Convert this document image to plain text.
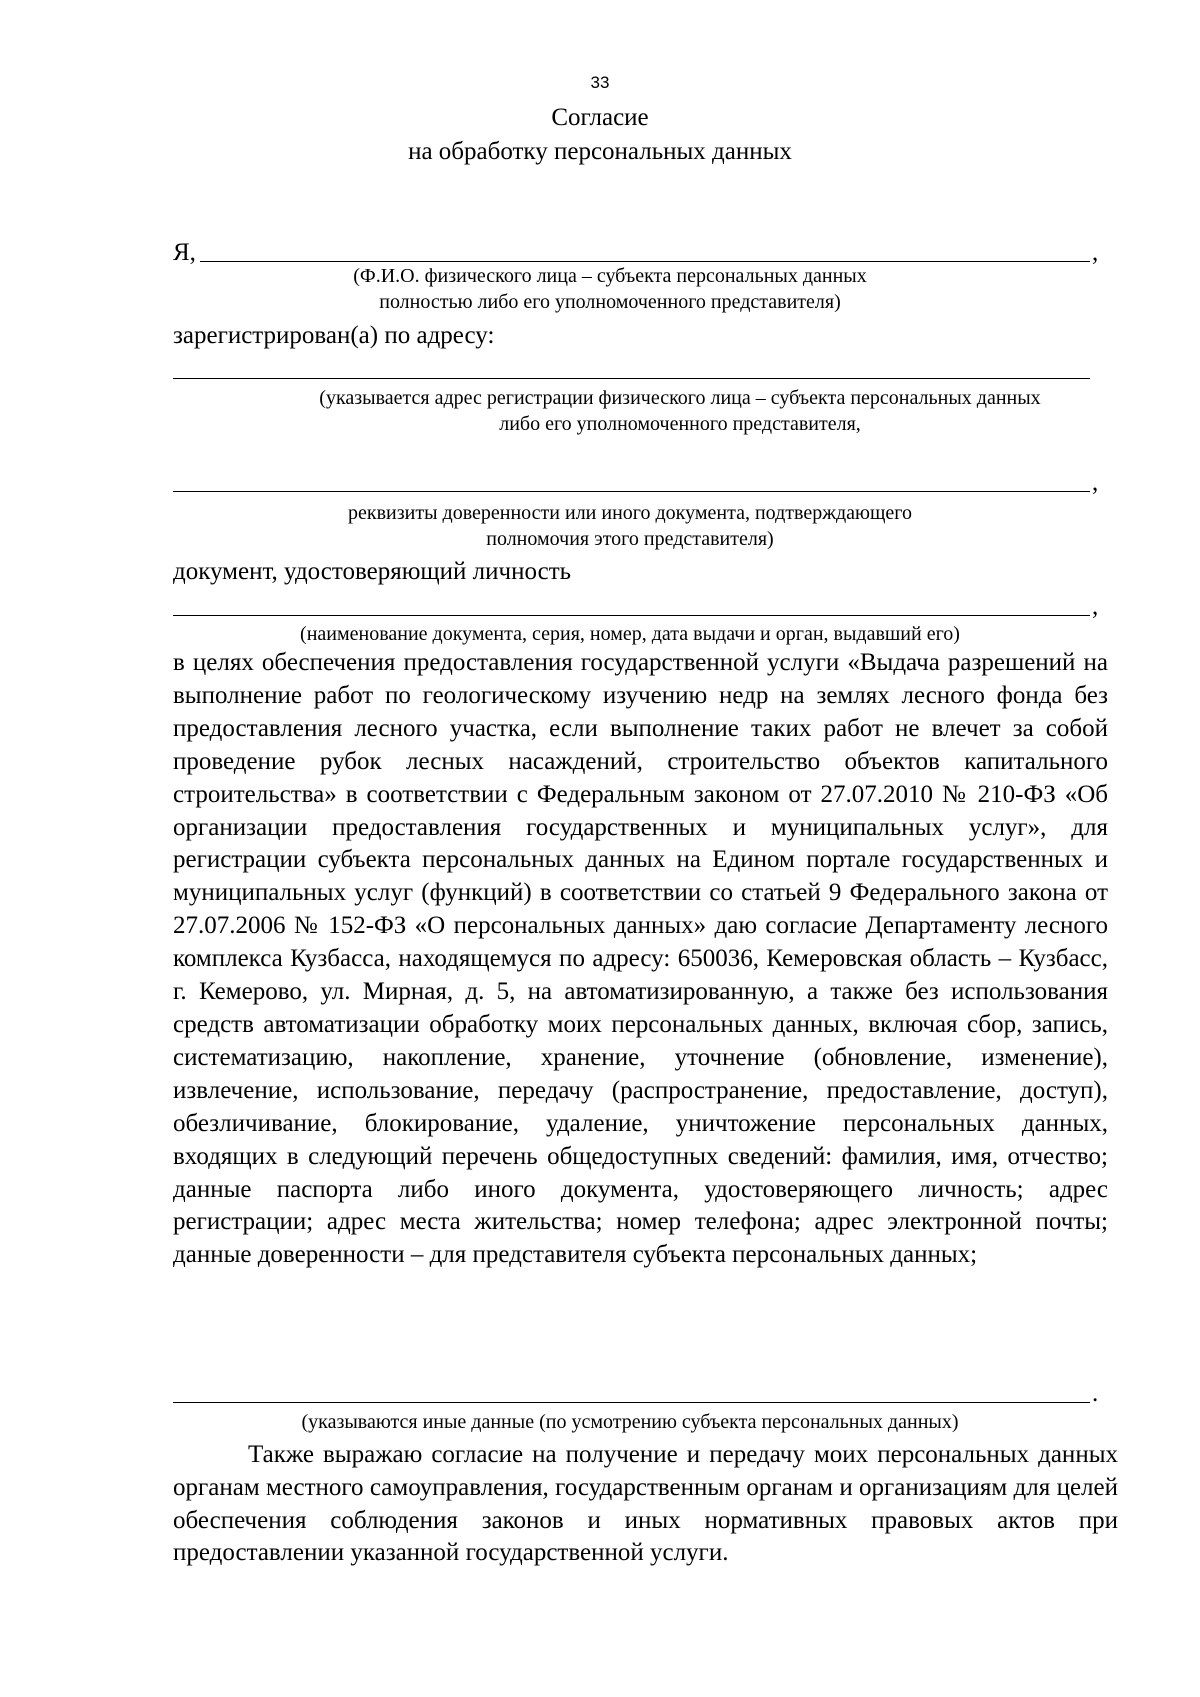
33
Согласие
на обработку персональных данных
Я,	,
(Ф.И.О. физического лица – субъекта персональных данных
полностью либо его уполномоченного представителя)
зарегистрирован(а) по адресу:
(указывается адрес регистрации физического лица – субъекта персональных данных
либо его уполномоченного представителя,
,
реквизиты доверенности или иного документа, подтверждающего
полномочия этого представителя)
документ, удостоверяющий личность
,
(наименование документа, серия, номер, дата выдачи и орган, выдавший его)
в целях обеспечения предоставления государственной услуги «Выдача разрешений на выполнение работ по геологическому изучению недр на землях лесного фонда без предоставления лесного участка, если выполнение таких работ не влечет за собой проведение рубок лесных насаждений, строительство объектов капитального строительства» в соответствии с Федеральным законом от 27.07.2010 № 210-ФЗ «Об организации предоставления государственных и муниципальных услуг», для регистрации субъекта персональных данных на Едином портале государственных и муниципальных услуг (функций) в соответствии со статьей 9 Федерального закона от 27.07.2006 № 152-ФЗ «О персональных данных» даю согласие Департаменту лесного комплекса Кузбасса, находящемуся по адресу: 650036, Кемеровская область – Кузбасс, г. Кемерово, ул. Мирная, д. 5, на автоматизированную, а также без использования средств автоматизации обработку моих персональных данных, включая сбор, запись, систематизацию, накопление, хранение, уточнение (обновление, изменение), извлечение, использование, передачу (распространение, предоставление, доступ), обезличивание, блокирование, удаление, уничтожение персональных данных, входящих в следующий перечень общедоступных сведений: фамилия, имя, отчество; данные паспорта либо иного документа, удостоверяющего личность; адрес регистрации; адрес места жительства; номер телефона; адрес электронной почты; данные доверенности – для представителя субъекта персональных данных;
.
(указываются иные данные (по усмотрению субъекта персональных данных)
Также выражаю согласие на получение и передачу моих персональных данных органам местного самоуправления, государственным органам и организациям для целей обеспечения соблюдения законов и иных нормативных правовых актов при предоставлении указанной государственной услуги.
